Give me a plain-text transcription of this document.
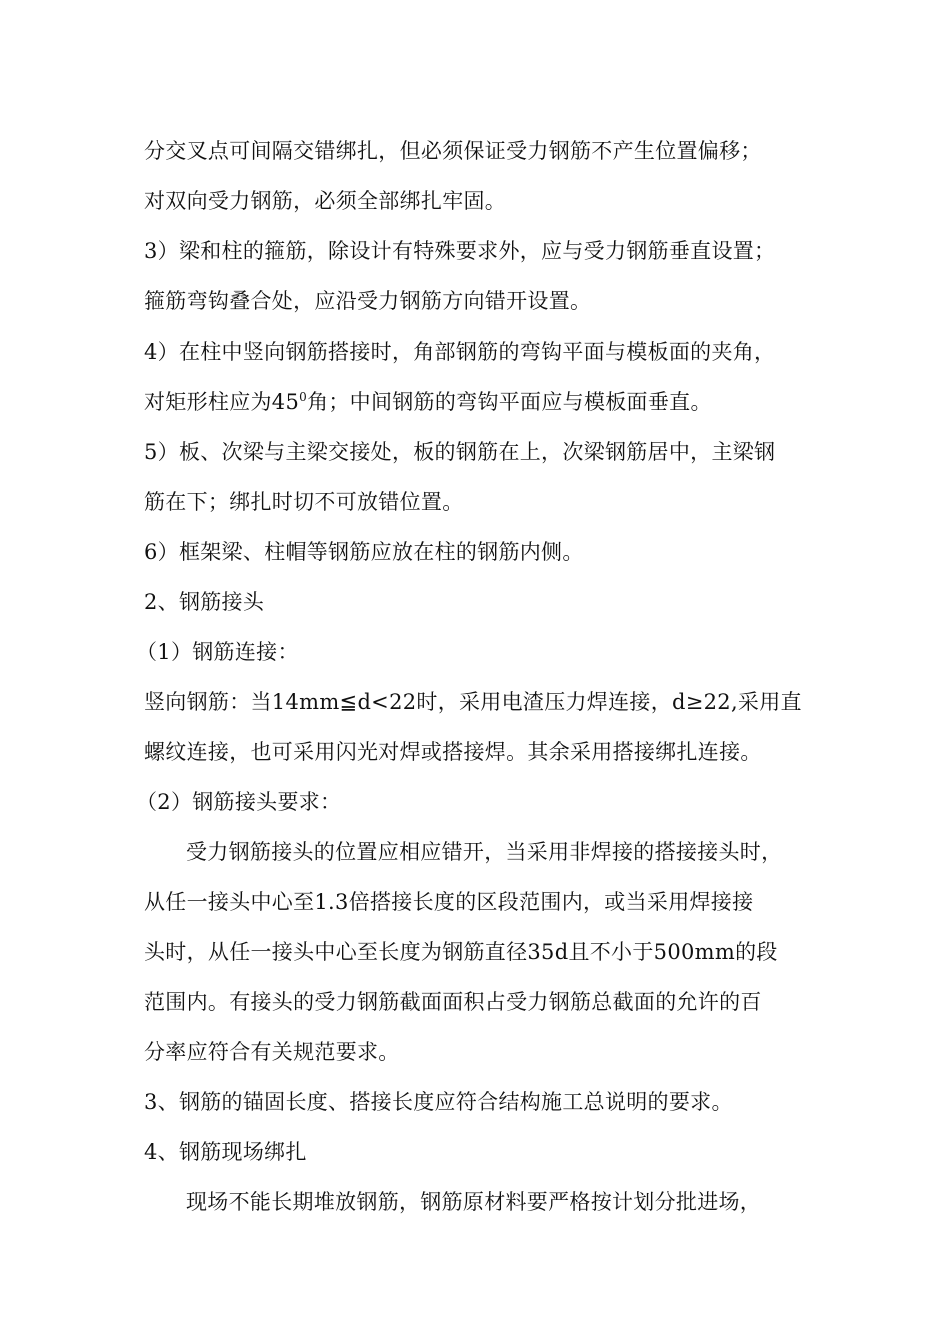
分交叉点可间隔交错绑扎，但必须保证受力钢筋不产生位置偏移；
对双向受力钢筋，必须全部绑扎牢固。
3）梁和柱的箍筋，除设计有特殊要求外，应与受力钢筋垂直设置；
箍筋弯钩叠合处，应沿受力钢筋方向错开设置。
4）在柱中竖向钢筋搭接时，角部钢筋的弯钩平面与模板面的夹角，
对矩形柱应为$45^0$角；中间钢筋的弯钩平面应与模板面垂直。
5）板、次梁与主梁交接处，板的钢筋在上，次梁钢筋居中，主梁钢
筋在下；绑扎时切不可放错位置。
6）框架梁、柱帽等钢筋应放在柱的钢筋内侧。
2、钢筋接头
（1）钢筋连接：
竖向钢筋：当14mm≦d<22时，采用电渣压力焊连接，d≥22,采用直
螺纹连接，也可采用闪光对焊或搭接焊。其余采用搭接绑扎连接。
（2）钢筋接头要求：
受力钢筋接头的位置应相应错开，当采用非焊接的搭接接头时，
从任一接头中心至1.3倍搭接长度的区段范围内，或当采用焊接接
头时，从任一接头中心至长度为钢筋直径35d且不小于500mm的段
范围内。有接头的受力钢筋截面面积占受力钢筋总截面的允许的百
分率应符合有关规范要求。
3、钢筋的锚固长度、搭接长度应符合结构施工总说明的要求。
4、钢筋现场绑扎
现场不能长期堆放钢筋，钢筋原材料要严格按计划分批进场，
